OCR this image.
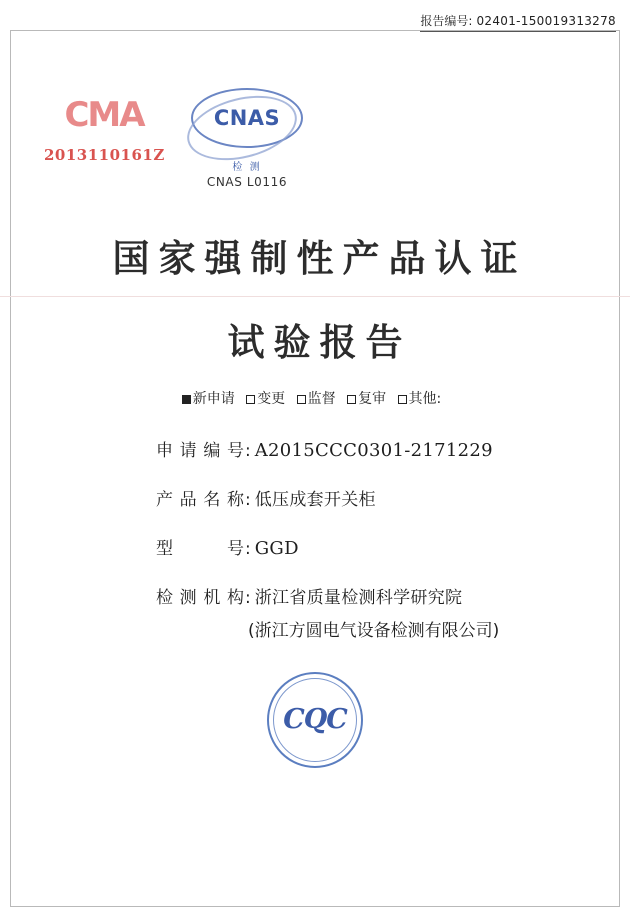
报告编号: 02401-150019313278
CMA
2013110161Z
CNAS
检 测
CNAS L0116
国家强制性产品认证
试验报告
新申请 变更 监督 复审 其他:
申请编号 : A2015CCC0301-2171229
产品名称 : 低压成套开关柜
型　号 : GGD
检测机构 : 浙江省质量检测科学研究院
(浙江方圆电气设备检测有限公司)
CQC
